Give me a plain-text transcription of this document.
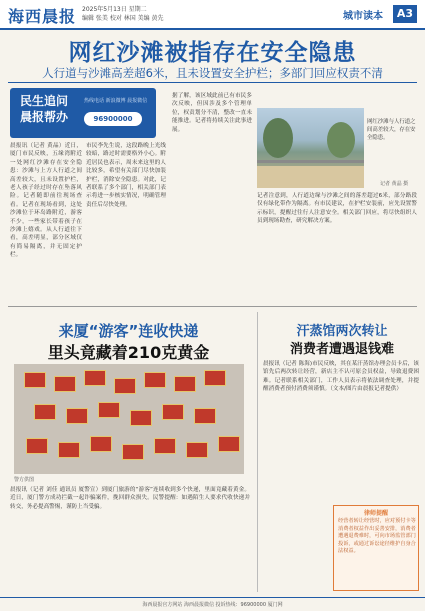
海西晨报 2025年5月13日 星期二
编辑 张美 校对 林国 美编 黄先	城市读本	A3
网红沙滩被指存在安全隐患
人行道与沙滩高差超6米，且未设置安全护栏；多部门回应权责不清
民生追问
晨报帮办
热线电话 新浪微博 晨报微信
96900000
晨报讯（记者 黄晶）近日，厦门市民反映，五缘湾附近一处网红沙滩存在安全隐患：沙滩与上方人行道之间高差较大，且未设置护栏，老人孩子经过时存在坠落风险。记者随即前往现场查看。记者在现场看到，这处沙滩位于环岛路附近，游客不少，一些家长带着孩子在沙滩上嬉戏。从人行道往下看，高差明显，部分区域仅有简易隔离，并无固定护栏。
市民李先生说，这段路晚上光线较暗，路过时需要格外小心。附近居民也表示，周末来这里的人比较多，希望有关部门尽快加装护栏，消除安全隐患。对此，记者联系了多个部门，相关部门表示将进一步核实情况，明确管理责任后尽快处理。
据了解，该区域此前已有市民多次反映，但因涉及多个管理单位，权责划分不清，整改一直未能推进。记者将持续关注此事进展。
记者注意到，人行道边缘与沙滩之间的落差超过6米，部分路段仅有绿化带作为隔离。有市民建议，在护栏安装前，应先设置警示标识，提醒过往行人注意安全。相关部门回应，将尽快组织人员到现场勘查，研究解决方案。
网红沙滩与人行道之间高差较大，存在安全隐患。
记者 黄晶 摄
来厦“游客”连收快递
里头竟藏着210克黄金
警方供图
晨报讯（记者 刘佳 通讯员 厦警宣）到厦门旅游的“游客”连续收到多个快递，里面竟藏着黄金。近日，厦门警方成功拦截一起诈骗案件，挽回群众损失。民警提醒：如遇陌生人要求代收快递并转交，务必提高警惕，谨防上当受骗。
汗蒸馆两次转让
消费者遭遇退钱难
晨报讯（记者 陈海)市民反映，其在某汗蒸馆办理会员卡后，该馆先后两次转让经营，新店主不认可原会员权益，导致退费困难。记者联系相关部门，工作人员表示将依法调查处理，并提醒消费者预付消费须谨慎。（文本/图片由晨报记者提供）
律师提醒
经营者转让经营时，应对预付卡等消费者权益作出妥善安排，消费者遭遇退费难时，可向市场监管部门投诉，或通过诉讼途径维护自身合法权益。
海西晨报官方网站 海西晨报微信 投诉热线：96900000 厦门网
